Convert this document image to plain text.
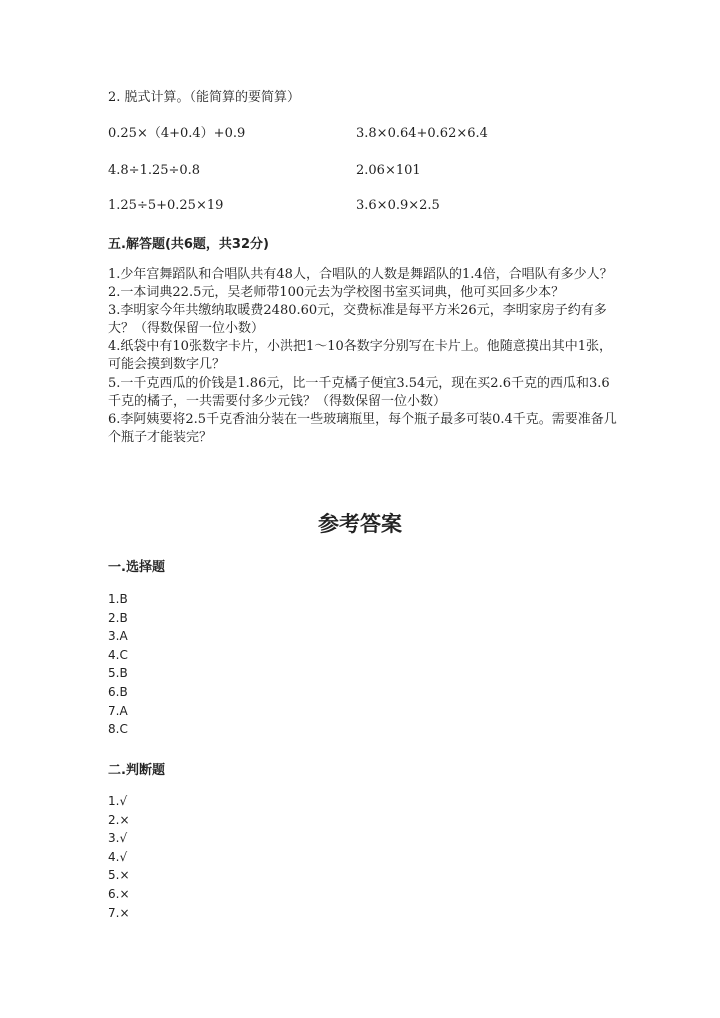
2. 脱式计算。（能简算的要简算）
0.25×（4+0.4）+0.9	3.8×0.64+0.62×6.4
4.8÷1.25÷0.8	2.06×101
1.25÷5+0.25×19	3.6×0.9×2.5
五.解答题(共6题，共32分)

1.少年宫舞蹈队和合唱队共有48人，合唱队的人数是舞蹈队的1.4倍，合唱队有多少人？

2.一本词典22.5元，吴老师带100元去为学校图书室买词典，他可买回多少本？

3.李明家今年共缴纳取暖费2480.60元，交费标准是每平方米26元，李明家房子约有多大？（得数保留一位小数）

4.纸袋中有10张数字卡片，小洪把1～10各数字分别写在卡片上。他随意摸出其中1张，可能会摸到数字几？

5.一千克西瓜的价钱是1.86元，比一千克橘子便宜3.54元，现在买2.6千克的西瓜和3.6千克的橘子，一共需要付多少元钱？（得数保留一位小数）

6.李阿姨要将2.5千克香油分装在一些玻璃瓶里，每个瓶子最多可装0.4千克。需要准备几个瓶子才能装完？

参考答案
一.选择题
1.B
2.B
3.A
4.C
5.B
6.B
7.A
8.C
二.判断题
1.√
2.×
3.√
4.√
5.×
6.×
7.×
